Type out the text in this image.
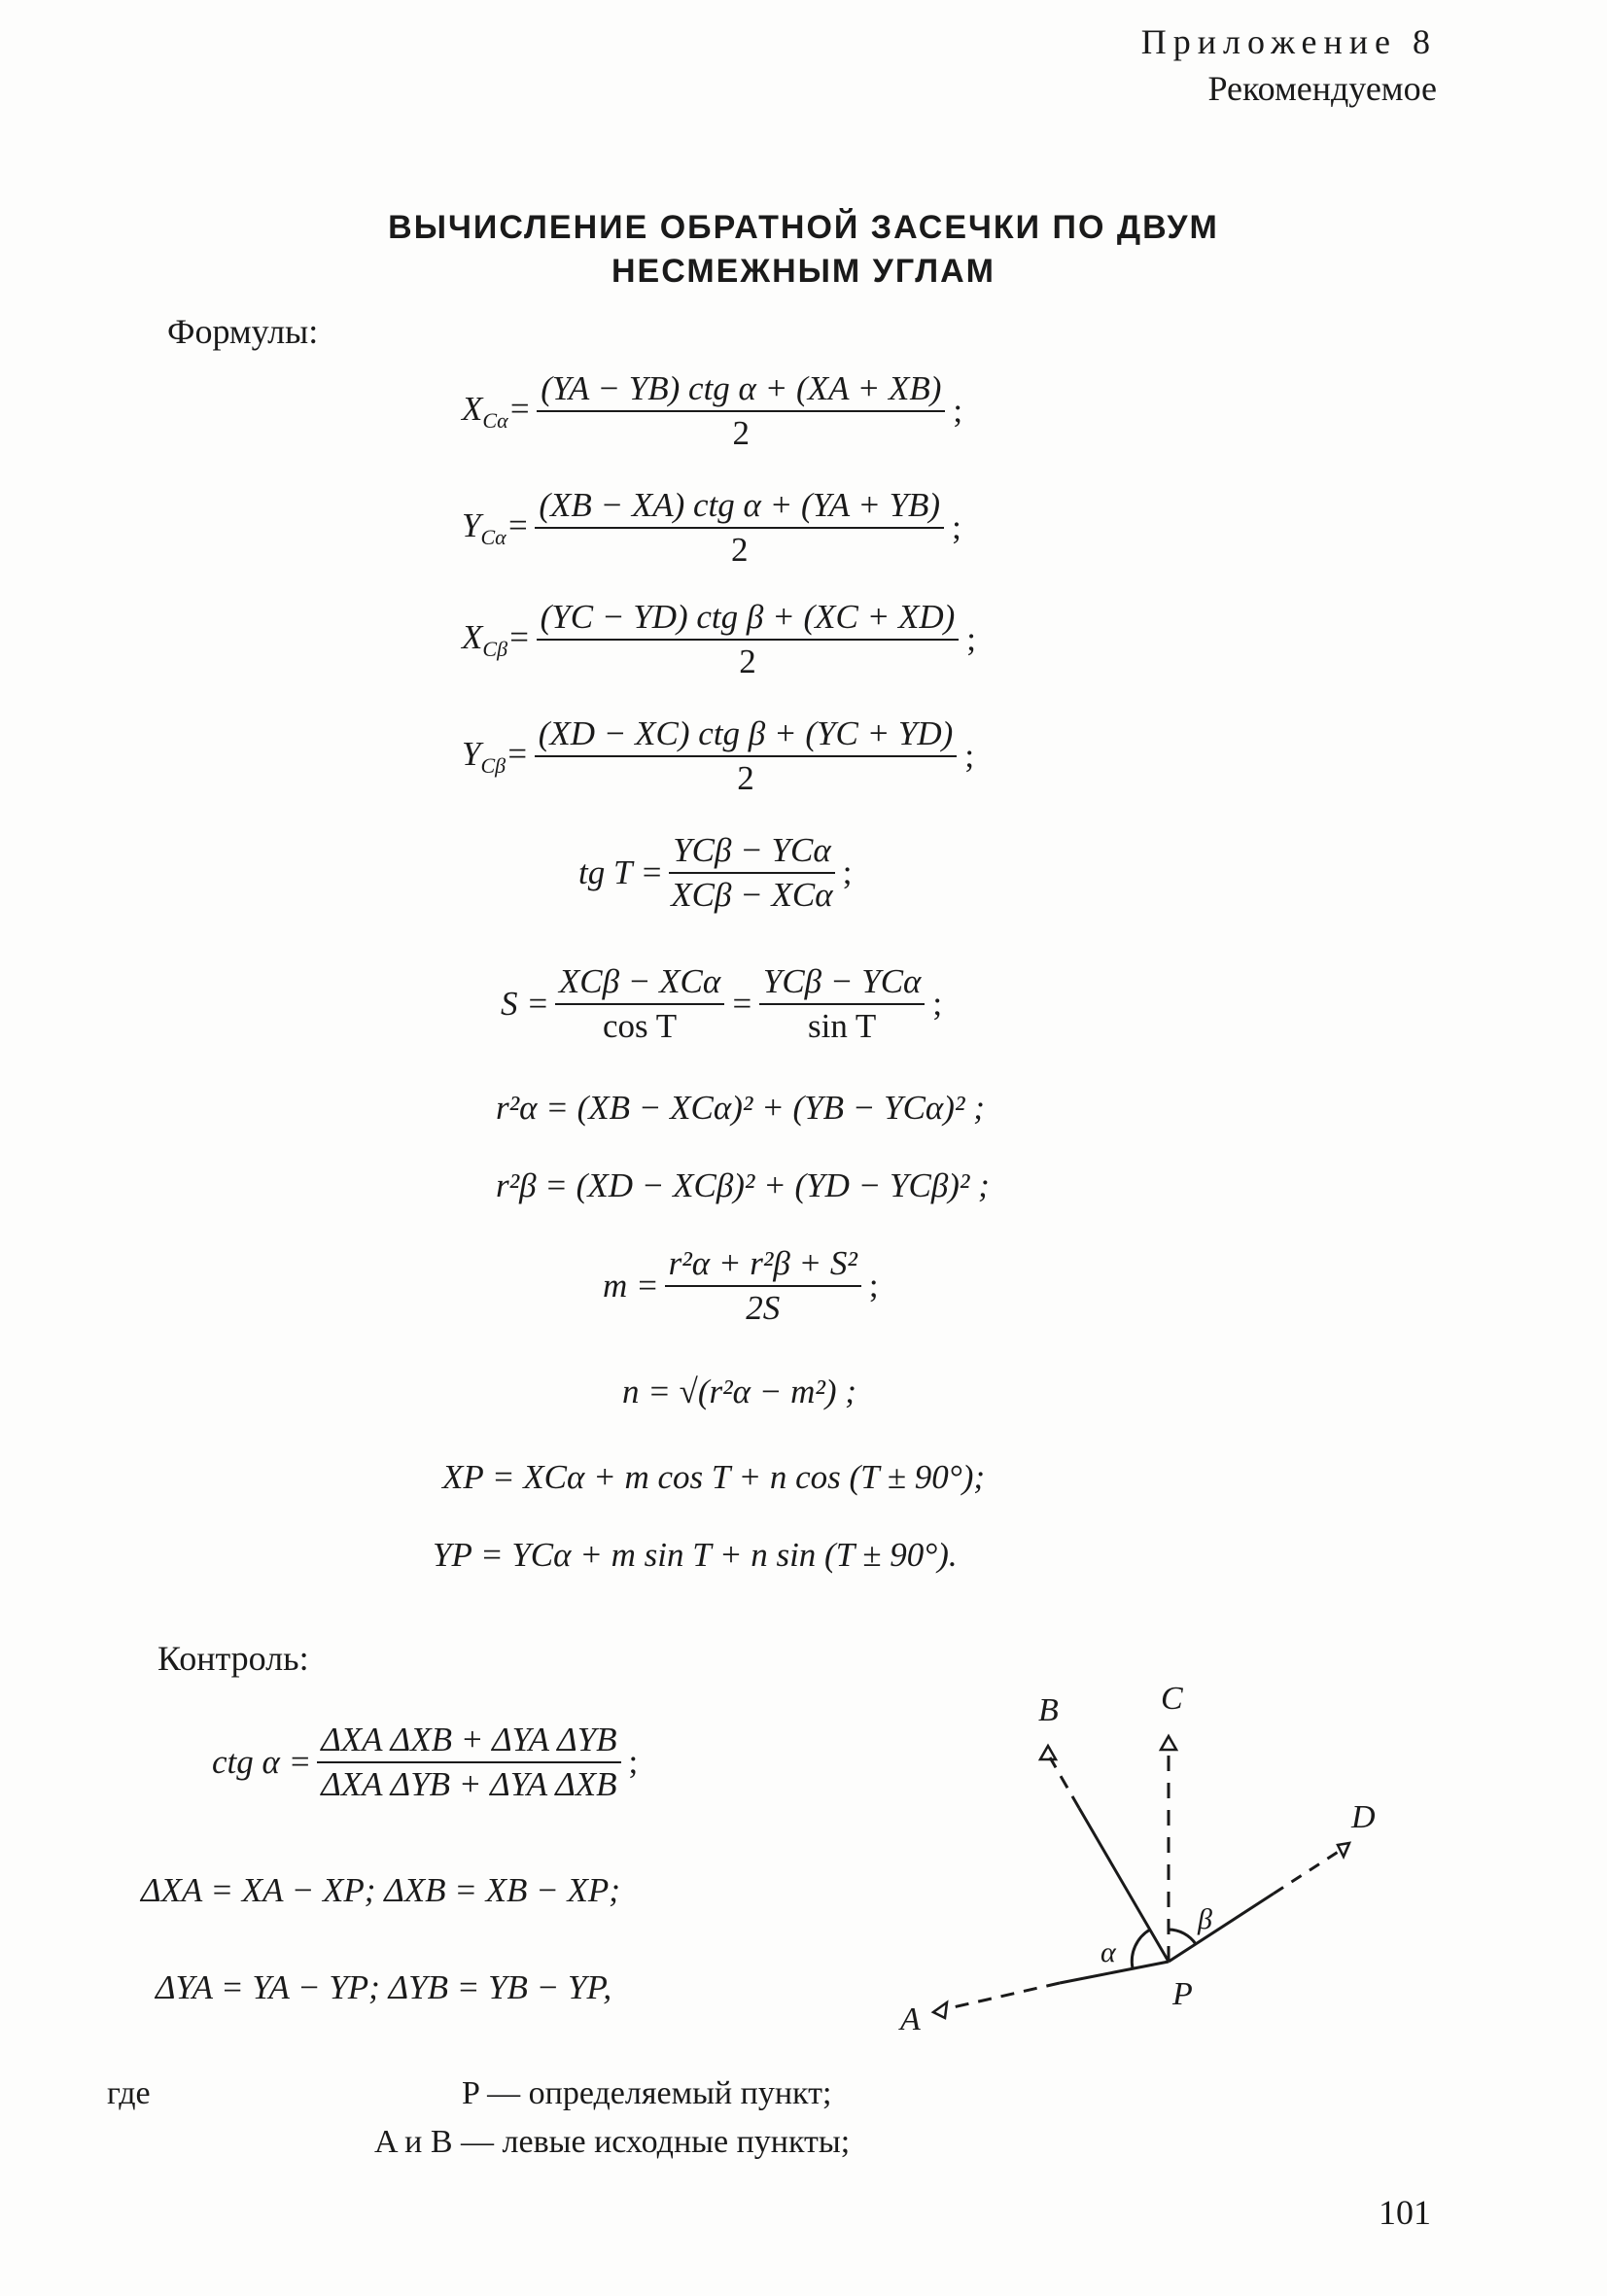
Приложение 8
Рекомендуемое
ВЫЧИСЛЕНИЕ ОБРАТНОЙ ЗАСЕЧКИ ПО ДВУМ
НЕСМЕЖНЫМ УГЛАМ
Формулы:
$X_{C\alpha}= \frac{\text{(YA − YB) ctg α + (XA + XB)}}{2}$ ;
$Y_{C\alpha}= \frac{\text{(XB − XA) ctg α + (YA + YB)}}{2}$ ;
$X_{C\beta}= \frac{\text{(YC − YD) ctg β + (XC + XD)}}{2}$ ;
$Y_{C\beta}= \frac{\text{(XD − XC) ctg β + (YC + YD)}}{2}$ ;
tg $T = \frac{\text{YCβ − YCα}}{\text{XCβ − XCα}}$ ;
$S = \frac{\text{XCβ − XCα}}{\text{cos T}} = \frac{\text{YCβ − YCα}}{\text{sin T}}$ ;
r²α = (XB − XCα)² + (YB − YCα)² ;
r²β = (XD − XCβ)² + (YD − YCβ)² ;
$m = \frac{\text{r²α + r²β + S²}}{2S}$ ;
n = √(r²α − m²) ;
XP = XCα + m cos T + n cos (T ± 90°);
YP = YCα + m sin T + n sin (T ± 90°).
Контроль:
ctg $\alpha = \frac{\text{ΔXA ΔXB + ΔYA ΔYB}}{\text{ΔXA ΔYB + ΔYA ΔXB}}$ ;
ΔXA = XA − XP; ΔXB = XB − XP;
ΔYA = YA − YP; ΔYB = YB − YP,
A
B	C
D
P
α
β
где	P — определяемый пункт;
A и B — левые исходные пункты;
101
